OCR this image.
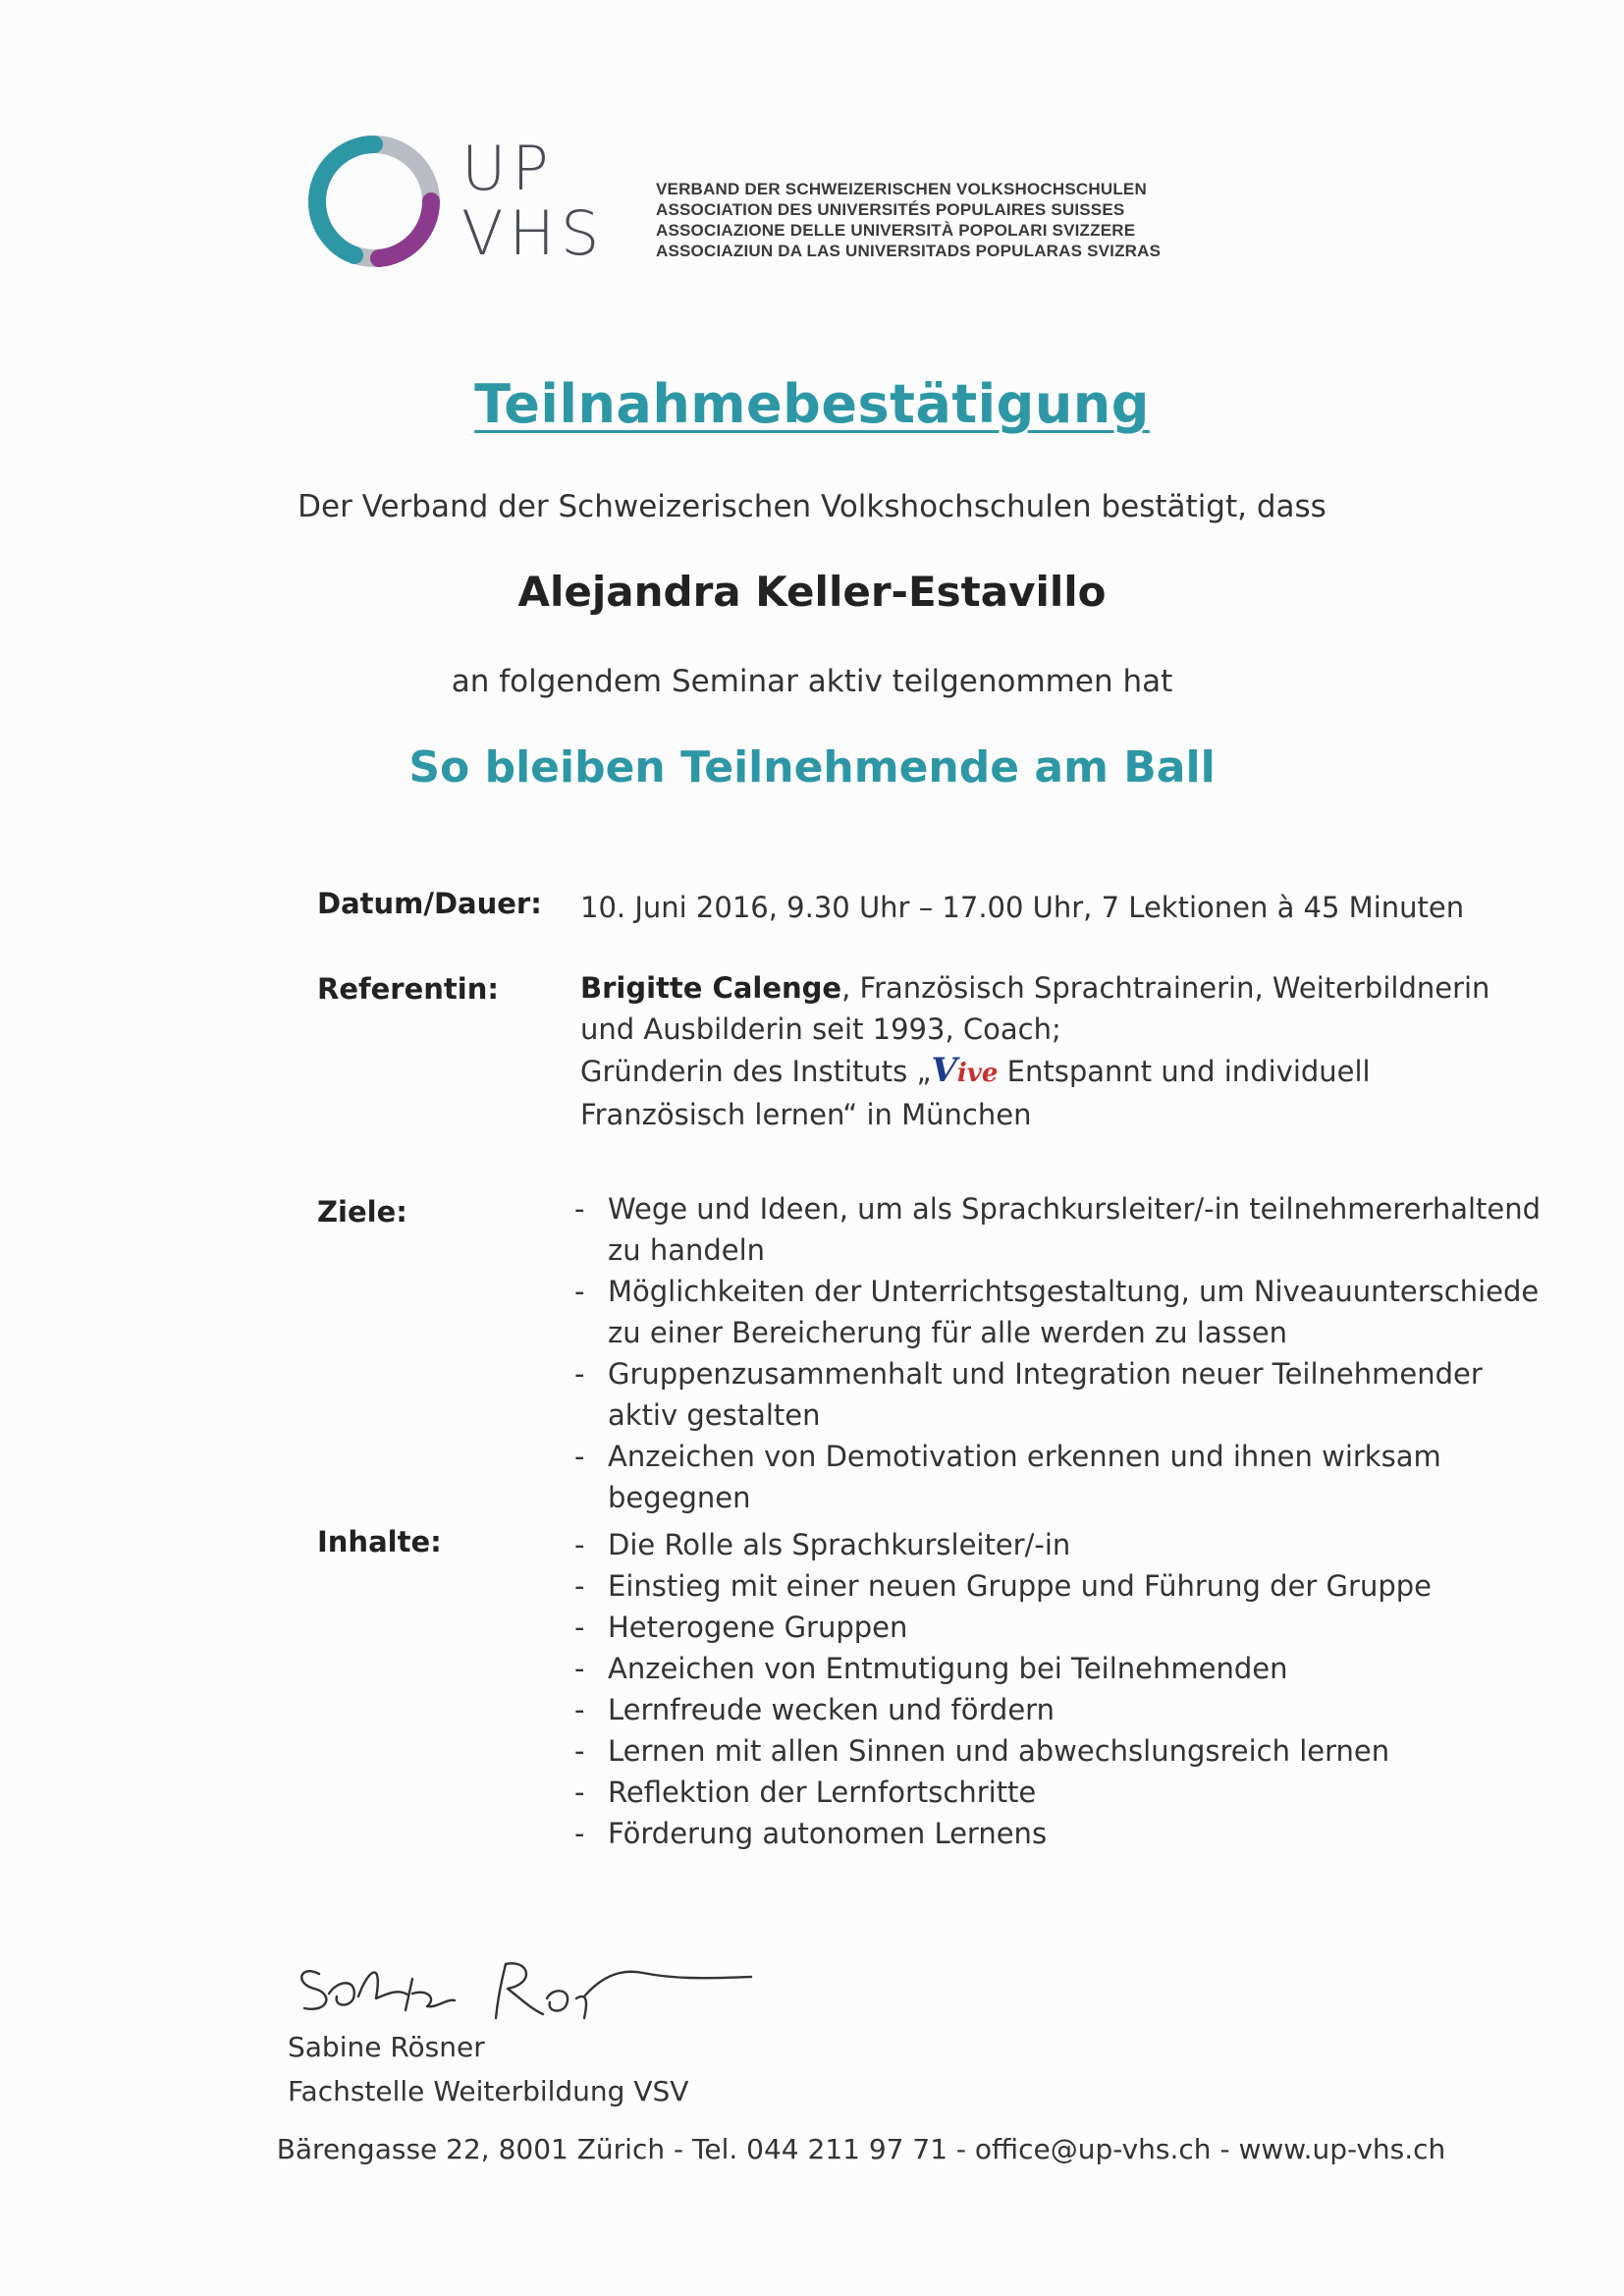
UP
VHS
VERBAND DER SCHWEIZERISCHEN VOLKSHOCHSCHULEN
ASSOCIATION DES UNIVERSITÉS POPULAIRES SUISSES
ASSOCIAZIONE DELLE UNIVERSITÀ POPOLARI SVIZZERE
ASSOCIAZIUN DA LAS UNIVERSITADS POPULARAS SVIZRAS
Teilnahmebestätigung
Der Verband der Schweizerischen Volkshochschulen bestätigt, dass
Alejandra Keller-Estavillo
an folgendem Seminar aktiv teilgenommen hat
So bleiben Teilnehmende am Ball
Datum/Dauer: 10. Juni 2016, 9.30 Uhr – 17.00 Uhr, 7 Lektionen à 45 Minuten
Referentin:	Brigitte Calenge, Französisch Sprachtrainerin, Weiterbildnerin und Ausbilderin seit 1993, Coach;
Gründerin des Instituts „Vive Entspannt und individuell Französisch lernen“ in München
Ziele:	- Wege und Ideen, um als Sprachkursleiter/-in teilnehmererhaltend zu handeln
- Möglichkeiten der Unterrichtsgestaltung, um Niveauunterschiede zu einer Bereicherung für alle werden zu lassen
- Gruppenzusammenhalt und Integration neuer Teilnehmender aktiv gestalten
- Anzeichen von Demotivation erkennen und ihnen wirksam begegnen
Inhalte:	- Die Rolle als Sprachkursleiter/-in
- Einstieg mit einer neuen Gruppe und Führung der Gruppe
- Heterogene Gruppen
- Anzeichen von Entmutigung bei Teilnehmenden
- Lernfreude wecken und fördern
- Lernen mit allen Sinnen und abwechslungsreich lernen
- Reflektion der Lernfortschritte
- Förderung autonomen Lernens
Sabine Rösner
Fachstelle Weiterbildung VSV
Bärengasse 22, 8001 Zürich - Tel. 044 211 97 71 - office@up-vhs.ch - www.up-vhs.ch
